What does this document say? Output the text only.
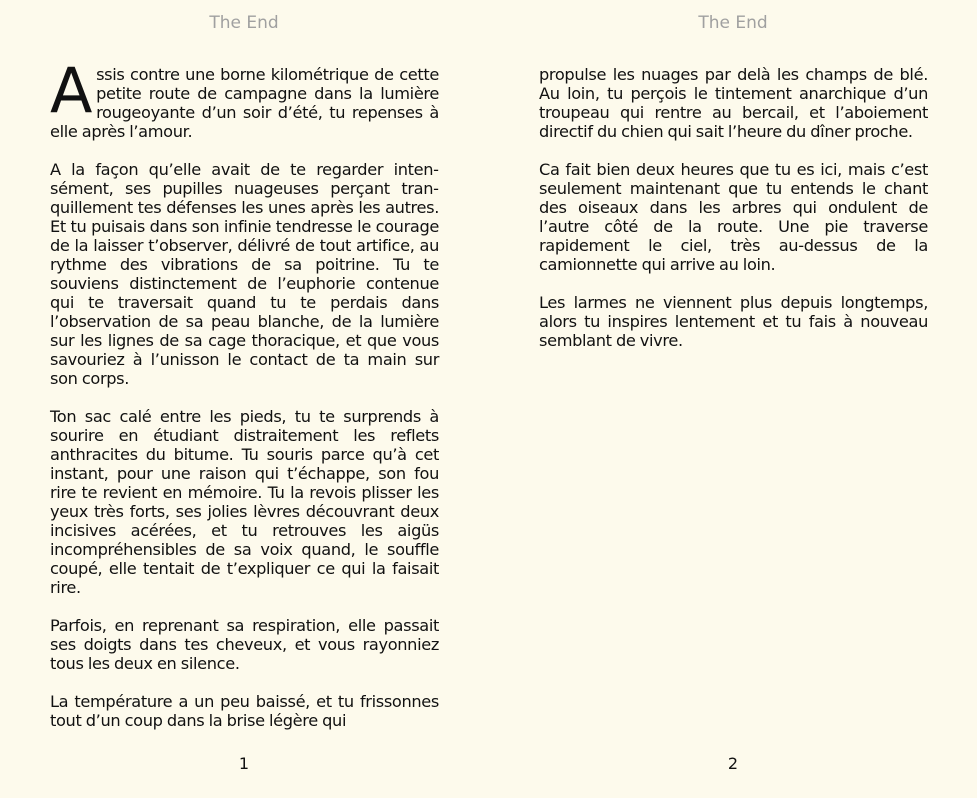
The End

Assis contre une borne kilométrique de cette petite route de campagne dans la lumière rougeoyante d’un soir d’été, tu repenses à elle après l’amour.

A la façon qu’elle avait de te regarder intensément, ses pupilles nuageuses perçant tranquillement tes défenses les unes après les autres. Et tu puisais dans son infinie tendresse le courage de la laisser t’observer, délivré de tout artifice, au rythme des vibrations de sa poitrine. Tu te souviens distinctement de l’euphorie contenue qui te traversait quand tu te perdais dans l’observation de sa peau blanche, de la lumière sur les lignes de sa cage thoracique, et que vous savouriez à l’unisson le contact de ta main sur son corps.

Ton sac calé entre les pieds, tu te surprends à sourire en étudiant distraitement les reflets anthracites du bitume. Tu souris parce qu’à cet instant, pour une raison qui t’échappe, son fou rire te revient en mémoire. Tu la revois plisser les yeux très forts, ses jolies lèvres découvrant deux incisives acérées, et tu retrouves les aigüs incompréhensibles de sa voix quand, le souffle coupé, elle tentait de t’expliquer ce qui la faisait rire.

Parfois, en reprenant sa respiration, elle passait ses doigts dans tes cheveux, et vous rayonniez tous les deux en silence.

La température a un peu baissé, et tu frissonnes tout d’un coup dans la brise légère qui

1
The End

propulse les nuages par delà les champs de blé. Au loin, tu perçois le tintement anarchique d’un troupeau qui rentre au bercail, et l’aboiement directif du chien qui sait l’heure du dîner proche.

Ca fait bien deux heures que tu es ici, mais c’est seulement maintenant que tu entends le chant des oiseaux dans les arbres qui ondulent de l’autre côté de la route. Une pie traverse rapidement le ciel, très au-dessus de la camionnette qui arrive au loin.

Les larmes ne viennent plus depuis longtemps, alors tu inspires lentement et tu fais à nouveau semblant de vivre.

2
